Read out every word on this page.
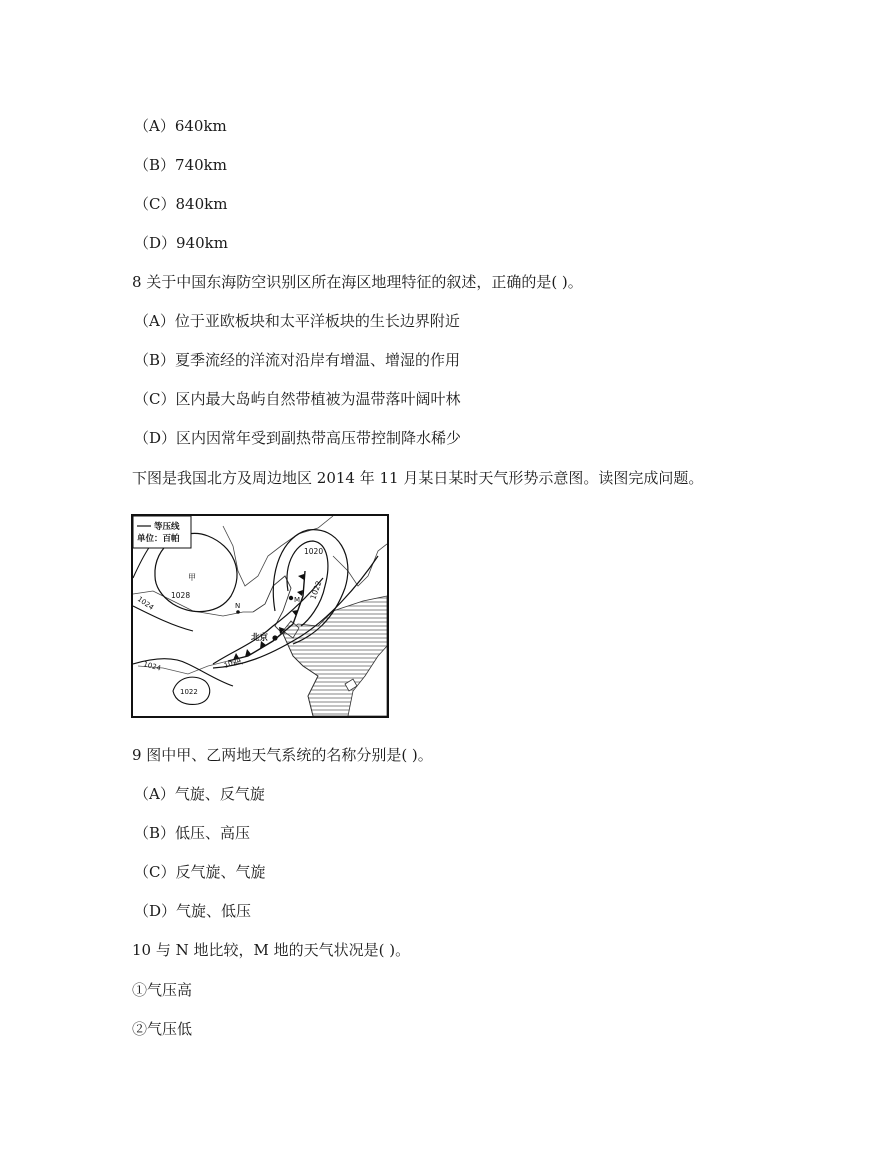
（A）640km
（B）740km
（C）840km
（D）940km
8 关于中国东海防空识别区所在海区地理特征的叙述，正确的是( )。
（A）位于亚欧板块和太平洋板块的生长边界附近
（B）夏季流经的洋流对沿岸有增温、增湿的作用
（C）区内最大岛屿自然带植被为温带落叶阔叶林
（D）区内因常年受到副热带高压带控制降水稀少
下图是我国北方及周边地区 2014 年 11 月某日某时天气形势示意图。读图完成问题。
等压线
单位：百帕
甲
N
M
北京
1028
1020
1022
1024
1024
1024
1022
9 图中甲、乙两地天气系统的名称分别是( )。
（A）气旋、反气旋
（B）低压、高压
（C）反气旋、气旋
（D）气旋、低压
10 与 N 地比较，M 地的天气状况是( )。
①气压高
②气压低
